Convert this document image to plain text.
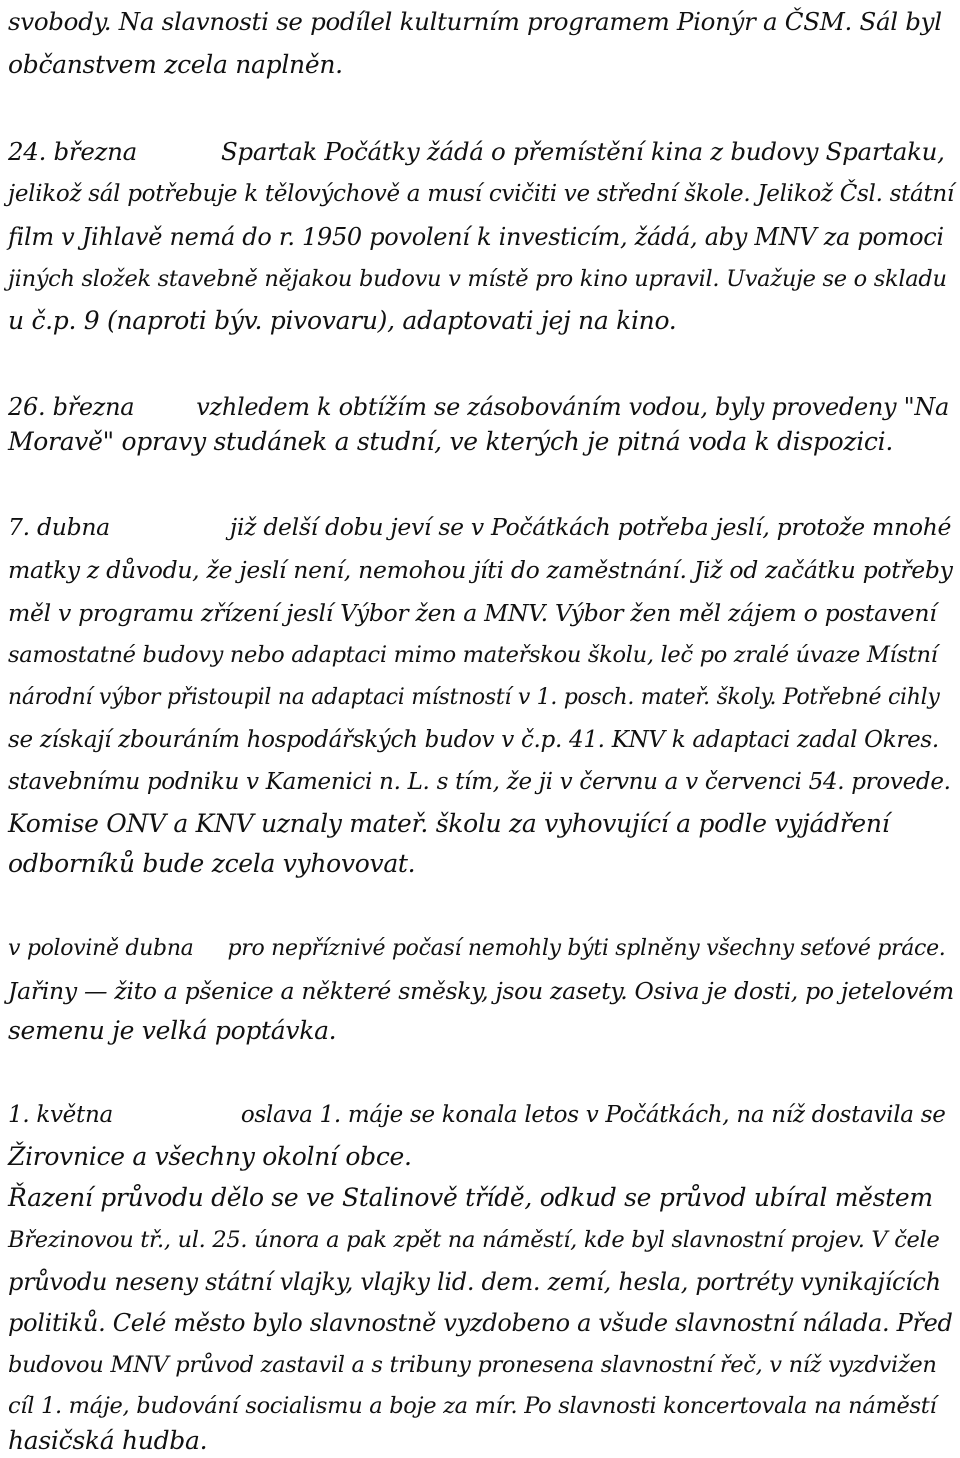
svobody. Na slavnosti se podílel kulturním programem Pionýr a ČSM. Sál byl
občanstvem zcela naplněn.
24. března	Spartak Počátky žádá o přemístění kina z budovy Spartaku,
jelikož sál potřebuje k tělovýchově a musí cvičiti ve střední škole. Jelikož Čsl. státní
film v Jihlavě nemá do r. 1950 povolení k investicím, žádá, aby MNV za pomoci
jiných složek stavebně nějakou budovu v místě pro kino upravil. Uvažuje se o skladu
u č.p. 9 (naproti býv. pivovaru), adaptovati jej na kino.
26. března	vzhledem k obtížím se zásobováním vodou, byly provedeny "Na
Moravě" opravy studánek a studní, ve kterých je pitná voda k dispozici.
7. dubna	již delší dobu jeví se v Počátkách potřeba jeslí, protože mnohé
matky z důvodu, že jeslí není, nemohou jíti do zaměstnání. Již od začátku potřeby
měl v programu zřízení jeslí Výbor žen a MNV. Výbor žen měl zájem o postavení
samostatné budovy nebo adaptaci mimo mateřskou školu, leč po zralé úvaze Místní
národní výbor přistoupil na adaptaci místností v 1. posch. mateř. školy. Potřebné cihly
se získají zbouráním hospodářských budov v č.p. 41. KNV k adaptaci zadal Okres.
stavebnímu podniku v Kamenici n. L. s tím, že ji v červnu a v červenci 54. provede.
Komise ONV a KNV uznaly mateř. školu za vyhovující a podle vyjádření
odborníků bude zcela vyhovovat.
v polovině dubna pro nepříznivé počasí nemohly býti splněny všechny seťové práce.
Jařiny — žito a pšenice a některé směsky, jsou zasety. Osiva je dosti, po jetelovém
semenu je velká poptávka.
1. května	oslava 1. máje se konala letos v Počátkách, na níž dostavila se
Žirovnice a všechny okolní obce.
Řazení průvodu dělo se ve Stalinově třídě, odkud se průvod ubíral městem
Březinovou tř., ul. 25. února a pak zpět na náměstí, kde byl slavnostní projev. V čele
průvodu neseny státní vlajky, vlajky lid. dem. zemí, hesla, portréty vynikajících
politiků. Celé město bylo slavnostně vyzdobeno a všude slavnostní nálada. Před
budovou MNV průvod zastavil a s tribuny pronesena slavnostní řeč, v níž vyzdvižen
cíl 1. máje, budování socialismu a boje za mír. Po slavnosti koncertovala na náměstí
hasičská hudba.
